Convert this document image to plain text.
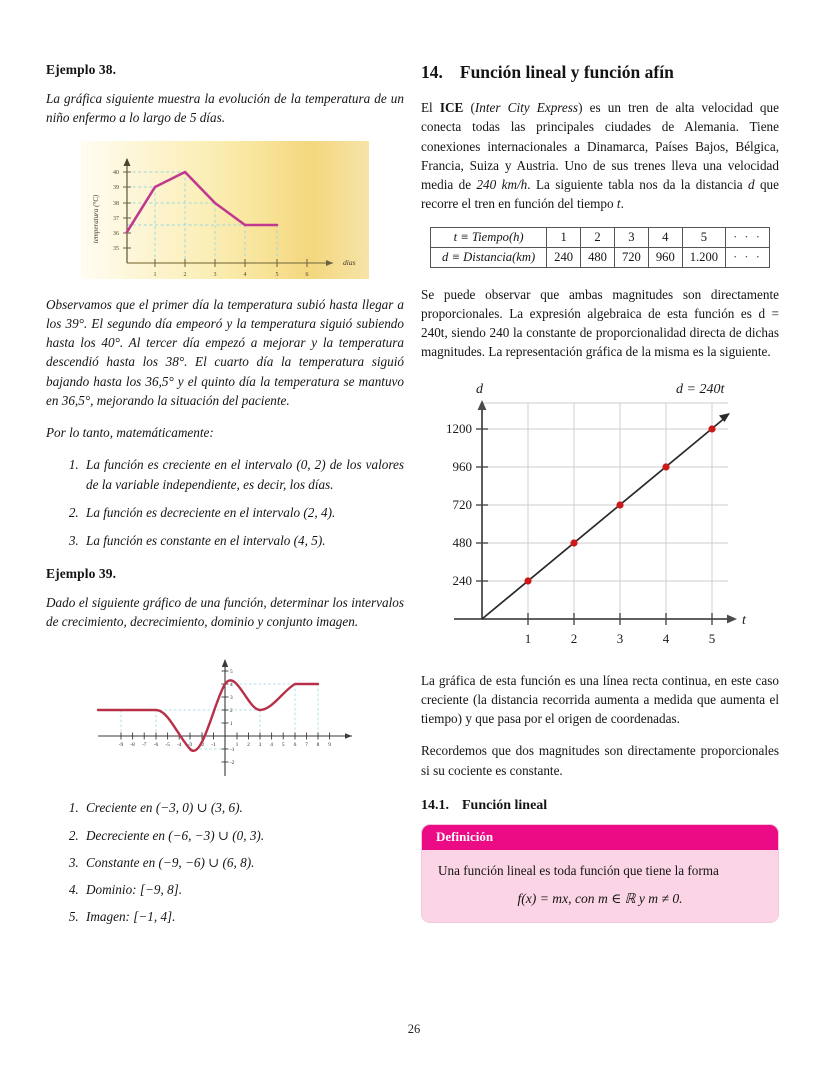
Ejemplo 38.

La gráfica siguiente muestra la evolución de la temperatura de un niño enfermo a lo largo de 5 días.

40
39
38
37
36
35
1	2	3	4	5	6
temperatura (°C)
días

Observamos que el primer día la temperatura subió hasta llegar a los 39°. El segundo día empeoró y la temperatura siguió subiendo hasta los 40°. Al tercer día empezó a mejorar y la temperatura descendió hasta los 38°. El cuarto día la temperatura siguió bajando hasta los 36,5° y el quinto día la temperatura se mantuvo en 36,5°, mejorando la situación del paciente.

Por lo tanto, matemáticamente:

1. La función es creciente en el intervalo (0, 2) de los valores de la variable independiente, es decir, los días.
2. La función es decreciente en el intervalo (2, 4).
3. La función es constante en el intervalo (4, 5).
Ejemplo 39.

Dado el siguiente gráfico de una función, determinar los intervalos de crecimiento, decrecimiento, dominio y conjunto imagen.

-9 -8 -7 -6 -5 -4 -3 -2 -1	1 2 3 4 5 6 7 8 9
5
4
3
2
1
-1
-2
1. Creciente en (−3, 0) ∪ (3, 6).
2. Decreciente en (−6, −3) ∪ (0, 3).
3. Constante en (−9, −6) ∪ (6, 8).
4. Dominio: [−9, 8].
5. Imagen: [−1, 4].
14. Función lineal y función afín

El ICE (Inter City Express) es un tren de alta velocidad que conecta todas las principales ciudades de Alemania. Tiene conexiones internacionales a Dinamarca, Países Bajos, Bélgica, Francia, Suiza y Austria. Uno de sus trenes lleva una velocidad media de 240 km/h. La siguiente tabla nos da la distancia d que recorre el tren en función del tiempo t.

t ≡ Tiempo(h)	1	2	3	4	5	· · ·
d ≡ Distancia(km)	240	480	720	960	1.200	· · ·

Se puede observar que ambas magnitudes son directamente proporcionales. La expresión algebraica de esta función es d = 240t, siendo 240 la constante de proporcionalidad directa de dichas magnitudes. La representación gráfica de la misma es la siguiente.

240
480
720
960
1200
1	2	3	4	5
d
t
d = 240t

La gráfica de esta función es una línea recta continua, en este caso creciente (la distancia recorrida aumenta a medida que aumenta el tiempo) y que pasa por el origen de coordenadas.

Recordemos que dos magnitudes son directamente proporcionales si su cociente es constante.

14.1. Función lineal
Definición
Una función lineal es toda función que tiene la forma
f(x) = mx, con m ∈ ℝ y m ≠ 0.
26
